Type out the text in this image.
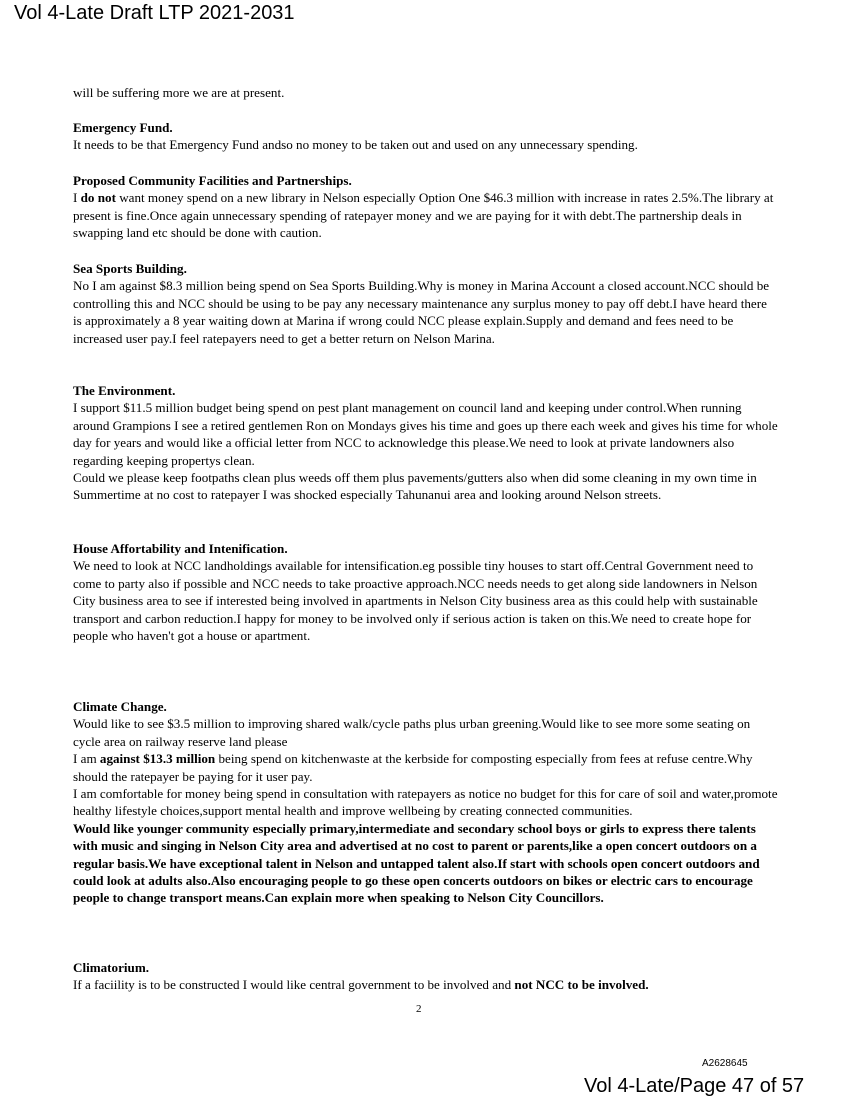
Vol 4-Late Draft LTP 2021-2031

will be suffering more we are at present.

Emergency Fund.

It needs to be that Emergency Fund andso no money to be taken out and used on any unnecessary spending.

Proposed Community Facilities and Partnerships.

I do not want money spend on a new library in Nelson especially Option One $46.3 million with increase in rates 2.5%.The library at present is fine.Once again unnecessary spending of ratepayer money and we are paying for it with debt.The partnership deals in swapping land etc should be done with caution.

Sea Sports Building.

No I am against $8.3 million being spend on Sea Sports Building.Why is money in Marina Account a closed account.NCC should be controlling this and NCC should be using to be pay any necessary maintenance any surplus money to pay off debt.I have heard there is approximately a 8 year waiting down at Marina if wrong could NCC please explain.Supply and demand and fees need to be increased user pay.I feel ratepayers need to get a better return on Nelson Marina.

The Environment.

I support $11.5 million budget being spend on pest plant management on council land and keeping under control.When running around Grampions I see a retired gentlemen Ron on Mondays gives his time and goes up there each week and gives his time for whole day for years and would like a official letter from NCC to acknowledge this please.We need to look at private landowners also regarding keeping propertys clean.

Could we please keep footpaths clean plus weeds off them plus pavements/gutters also when did some cleaning in my own time in Summertime at no cost to ratepayer I was shocked especially Tahunanui area and looking around Nelson streets.

House Affortability and Intenification.

We need to look at NCC landholdings available for intensification.eg possible tiny houses to start off.Central Government need to come to party also if possible and NCC needs to take proactive approach.NCC needs needs to get along side landowners in Nelson City business area to see if interested being involved in apartments in Nelson City business area as this could help with sustainable transport and carbon reduction.I happy for money to be involved only if serious action is taken on this.We need to create hope for people who haven't got a house or apartment.

Climate Change.

Would like to see $3.5 million to improving shared walk/cycle paths plus urban greening.Would like to see more some seating on cycle area on railway reserve land please

I am against $13.3 million being spend on kitchenwaste at the kerbside for composting especially from fees at refuse centre.Why should the ratepayer be paying for it user pay.

I am comfortable for money being spend in consultation with ratepayers as notice no budget for this for care of soil and water,promote healthy lifestyle choices,support mental health and improve wellbeing by creating connected communities.

Would like younger community especially primary,intermediate and secondary school boys or girls to express there talents with music and singing in Nelson City area and advertised at no cost to parent or parents,like a open concert outdoors on a regular basis.We have exceptional talent in Nelson and untapped talent also.If start with schools open concert outdoors and could look at adults also.Also encouraging people to go these open concerts outdoors on bikes or electric cars to encourage people to change transport means.Can explain more when speaking to Nelson City Councillors.

Climatorium.

If a faciility is to be constructed I would like central government to be involved and not NCC to be involved.

2
A2628645
Vol 4-Late/Page 47 of 57
